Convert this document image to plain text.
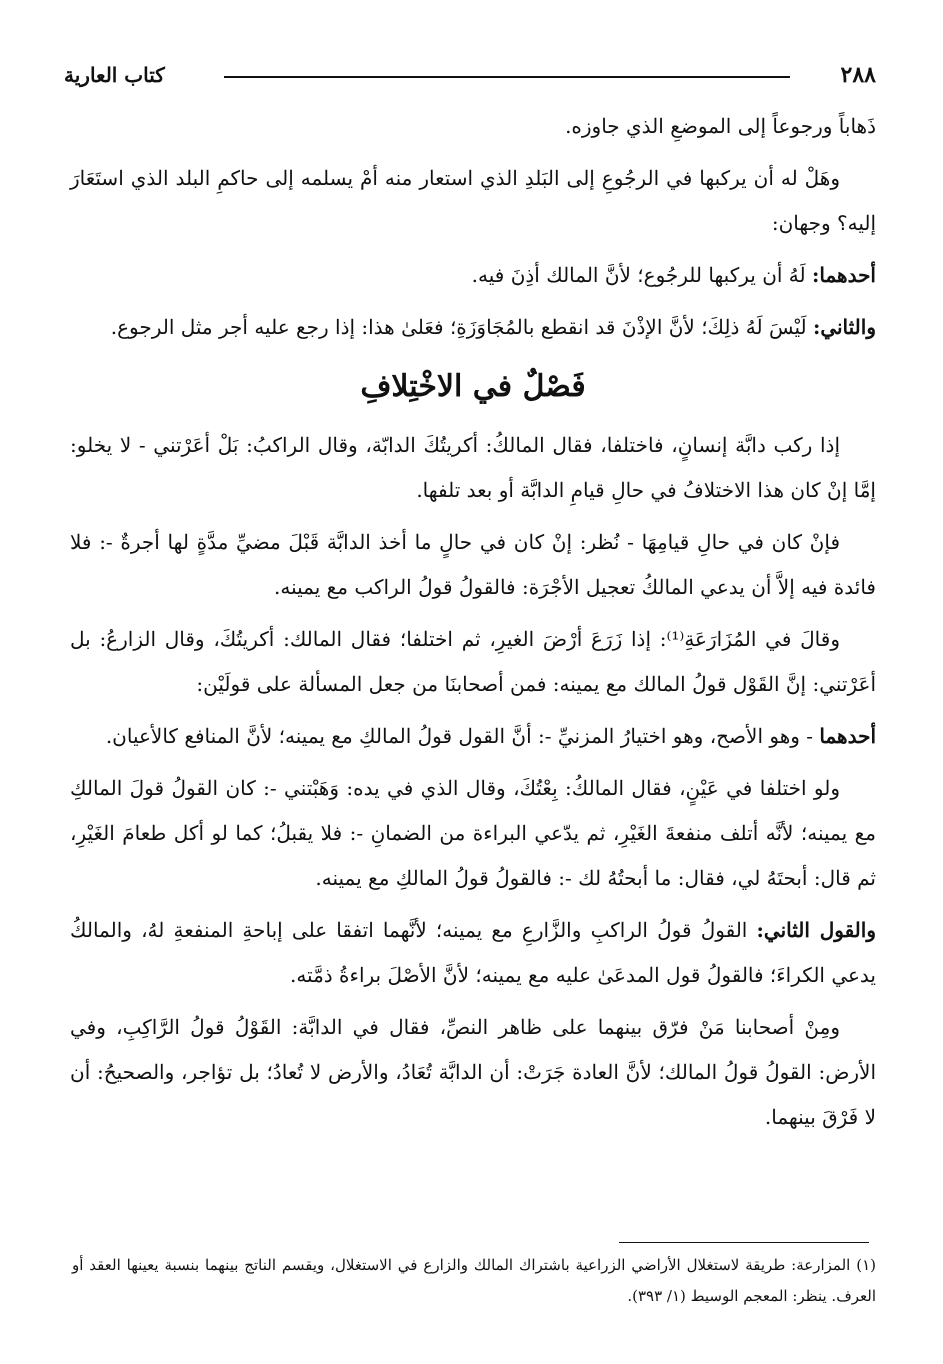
٢٨٨
كتاب العارية

ذَهاباً ورجوعاً إلى الموضعِ الذي جاوزه.

وهَلْ له أن يركبها في الرجُوعِ إلى البَلدِ الذي استعار منه أمْ يسلمه إلى حاكمِ البلد الذي استَعَارَ إليه؟ وجهان:

أحدهما: لَهُ أن يركبها للرجُوع؛ لأنَّ المالك أذِنَ فيه.

والثاني: لَيْسَ لَهُ ذلِكَ؛ لأنَّ الإذْنَ قد انقطع بالمُجَاوَزَةِ؛ فعَلىٰ هذا: إذا رجع عليه أجر مثل الرجوع.

فَصْلٌ في الاخْتِلافِ

إذا ركب دابَّة إنسانٍ، فاختلفا، فقال المالكُ: أكريتُكَ الدابّة، وقال الراكبُ: بَلْ أعَرْتني - لا يخلو: إمَّا إنْ كان هذا الاختلافُ في حالِ قيامِ الدابَّة أو بعد تلفها.

فإنْ كان في حالِ قيامِهَا - نُظر: إنْ كان في حالٍ ما أخذ الدابَّة قَبْلَ مضيِّ مدَّةٍ لها أجرةٌ -: فلا فائدة فيه إلاَّ أن يدعي المالكُ تعجيل الأجْرَة: فالقولُ قولُ الراكب مع يمينه.

وقالَ في المُزَارَعَةِ⁽¹⁾: إذا زَرَعَ أرْضَ الغيرِ، ثم اختلفا؛ فقال المالك: أكريتُكَ، وقال الزارعُ: بل أعَرْتني: إنَّ القَوْل قولُ المالك مع يمينه: فمن أصحابنَا من جعل المسألة على قولَيْن:

أحدهما - وهو الأصح، وهو اختيارُ المزنيِّ -: أنَّ القول قولُ المالكِ مع يمينه؛ لأنَّ المنافع كالأعيان.

ولو اختلفا في عَيْنٍ، فقال المالكُ: بِعْتُكَ، وقال الذي في يده: وَهَبْتني -: كان القولُ قولَ المالكِ مع يمينه؛ لأنَّه أتلف منفعةَ الغَيْرِ، ثم يدّعي البراءة من الضمانِ -: فلا يقبلُ؛ كما لو أكل طعامَ الغَيْرِ، ثم قال: أبحتَهُ لي، فقال: ما أبحتُهُ لك -: فالقولُ قولُ المالكِ مع يمينه.

والقول الثاني: القولُ قولُ الراكبِ والزَّارعِ مع يمينه؛ لأنَّهما اتفقا على إباحةِ المنفعةِ لهُ، والمالكُ يدعي الكراءَ؛ فالقولُ قول المدعَىٰ عليه مع يمينه؛ لأنَّ الأصْلَ براءةُ ذمَّته.

ومِنْ أصحابنا مَنْ فرّق بينهما على ظاهر النصِّ، فقال في الدابَّة: القَوْلُ قولُ الرَّاكِبِ، وفي الأرض: القولُ قولُ المالك؛ لأنَّ العادة جَرَتْ: أن الدابَّة تُعَادُ، والأرض لا تُعادُ؛ بل تؤاجر، والصحيحُ: أن لا فَرْقَ بينهما.

(١) المزارعة: طريقة لاستغلال الأراضي الزراعية باشتراك المالك والزارع في الاستغلال، ويقسم الناتج بينهما بنسبة يعينها العقد أو العرف. ينظر: المعجم الوسيط (١/ ٣٩٣).
